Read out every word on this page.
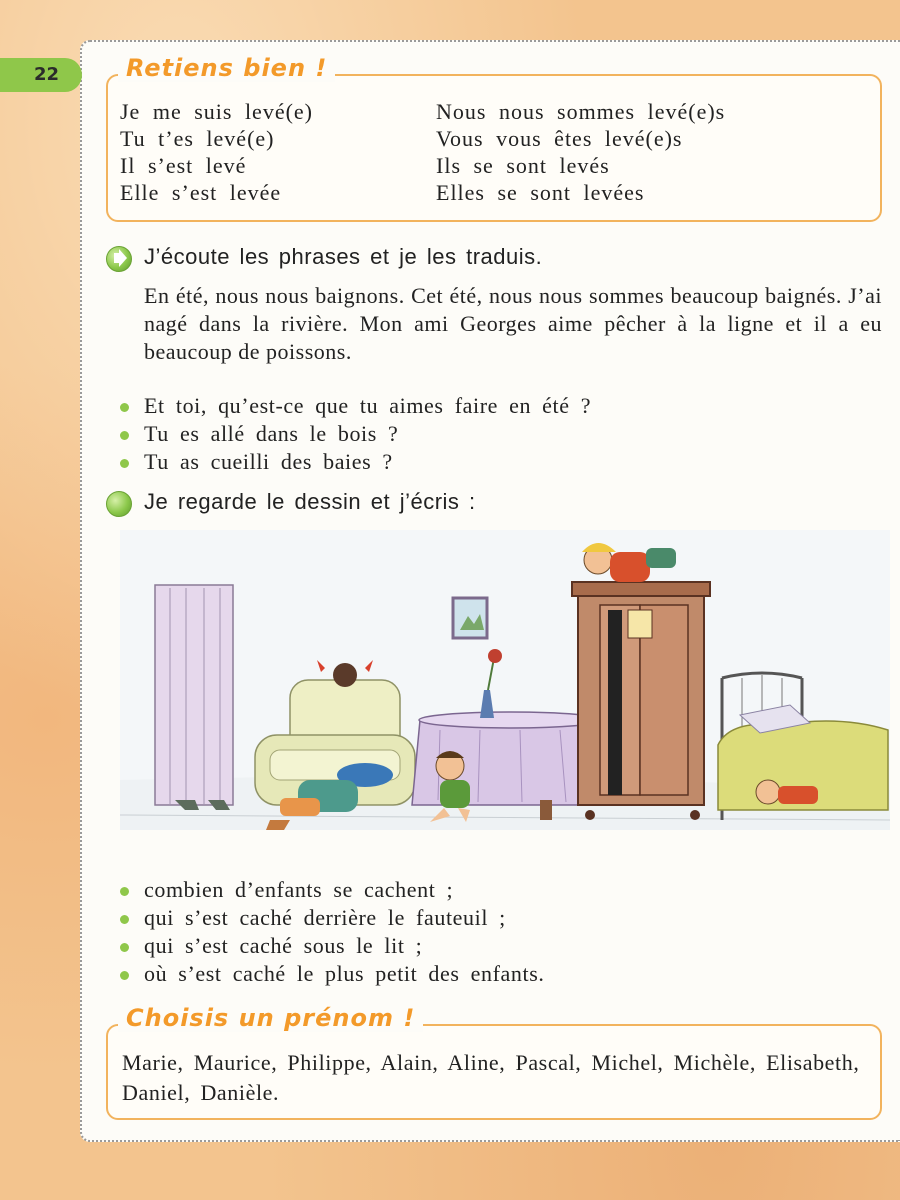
22	Retiens bien !
Je me suis levé(e)
Tu t’es levé(e)
Il s’est levé
Elle s’est levée
Nous nous sommes levé(e)s
Vous vous êtes levé(e)s
Ils se sont levés
Elles se sont levées
J’écoute les phrases et je les traduis.
En été, nous nous baignons. Cet été, nous nous sommes beaucoup baignés. J’ai nagé dans la rivière. Mon ami Georges aime pêcher à la ligne et il a eu beaucoup de poissons.
Et toi, qu’est-ce que tu aimes faire en été ?
Tu es allé dans le bois ?
Tu as cueilli des baies ?
Je regarde le dessin et j’écris :
combien d’enfants se cachent ;
qui s’est caché derrière le fauteuil ;
qui s’est caché sous le lit ;
où s’est caché le plus petit des enfants.
Choisis un prénom !
Marie, Maurice, Philippe, Alain, Aline, Pascal, Michel, Michèle, Elisabeth, Daniel, Danièle.
